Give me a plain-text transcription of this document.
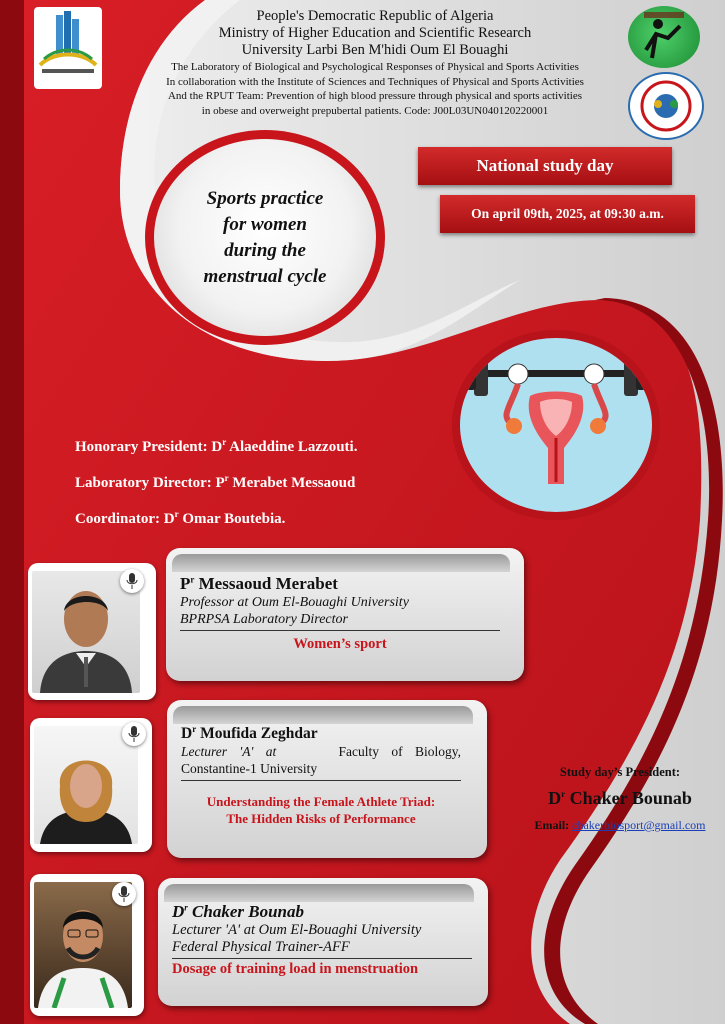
People's Democratic Republic of Algeria
Ministry of Higher Education and Scientific Research
University Larbi Ben M'hidi Oum El Bouaghi
The Laboratory of Biological and Psychological Responses of Physical and Sports Activities
In collaboration with the Institute of Sciences and Techniques of Physical and Sports Activities
And the RPUT Team: Prevention of high blood pressure through physical and sports activities
in obese and overweight prepubertal patients. Code: J00L03UN040120220001
National study day
On april 09th, 2025, at 09:30 a.m.
Sports practice
for women
during the
menstrual cycle
Honorary President: $D^r$ Alaeddine Lazzouti.
Laboratory Director: $P^r$ Merabet Messaoud
Coordinator: $D^r$ Omar Boutebia.
$P^r$ Messaoud Merabet
Professor at Oum El-Bouaghi University
BPRPSA Laboratory Director
Women’s sport
$D^r$ Moufida Zeghdar
Lecturer 'A' at	Faculty of Biology,
Constantine-1 University
Understanding the Female Athlete Triad:
The Hidden Risks of Performance
$D^r$ Chaker Bounab
Lecturer 'A' at Oum El-Bouaghi University
Federal Physical Trainer-AFF
Dosage of training load in menstruation
Study day’s President:
$D^r$ Chaker Bounab
Email: chakerbiosport@gmail.com
